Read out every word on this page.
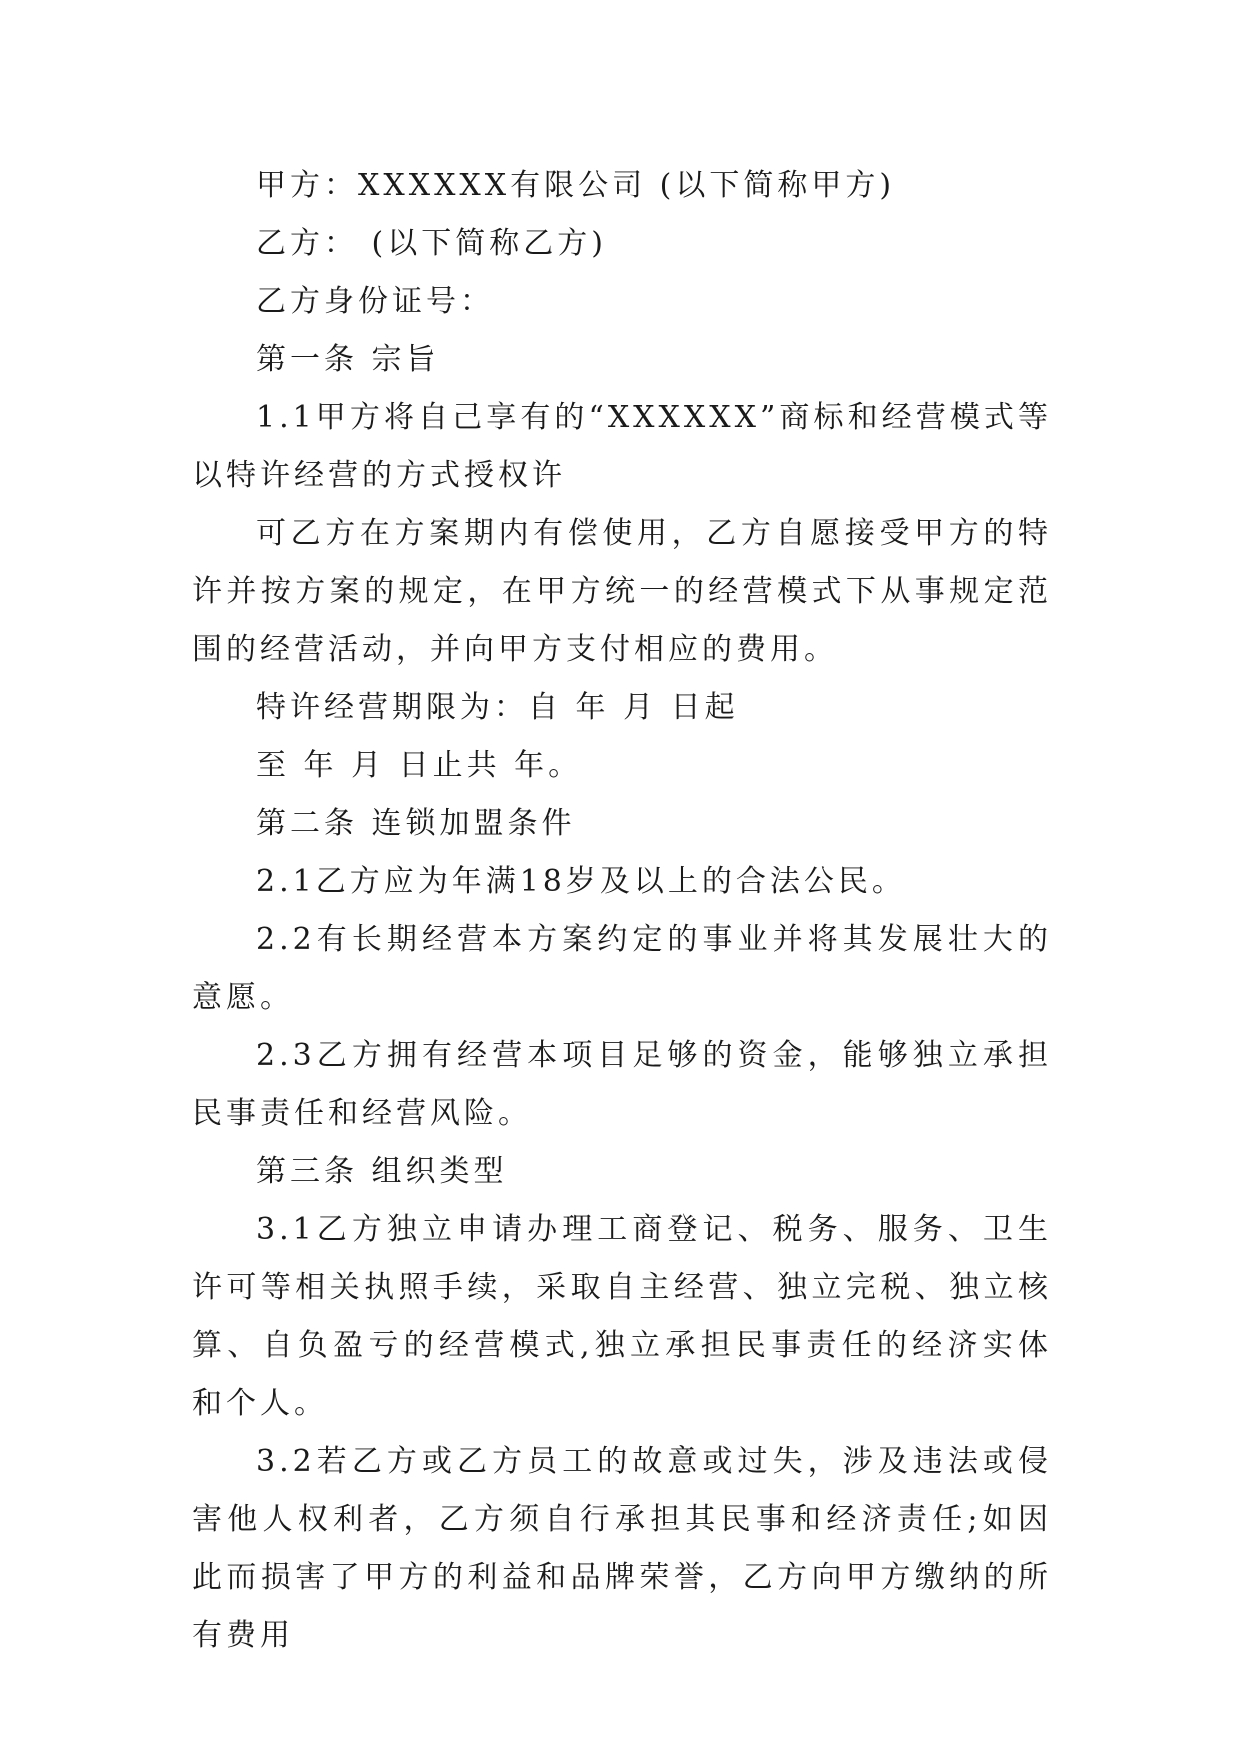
甲方：XXXXXX有限公司 (以下简称甲方)

乙方： (以下简称乙方)

乙方身份证号：

第一条 宗旨

1.1甲方将自己享有的“XXXXXX”商标和经营模式等以特许经营的方式授权许

可乙方在方案期内有偿使用，乙方自愿接受甲方的特许并按方案的规定，在甲方统一的经营模式下从事规定范围的经营活动，并向甲方支付相应的费用。

特许经营期限为：自 年 月 日起

至 年 月 日止共 年。

第二条 连锁加盟条件

2.1乙方应为年满18岁及以上的合法公民。

2.2有长期经营本方案约定的事业并将其发展壮大的意愿。

2.3乙方拥有经营本项目足够的资金，能够独立承担民事责任和经营风险。

第三条 组织类型

3.1乙方独立申请办理工商登记、税务、服务、卫生许可等相关执照手续，采取自主经营、独立完税、独立核算、自负盈亏的经营模式,独立承担民事责任的经济实体和个人。

3.2若乙方或乙方员工的故意或过失，涉及违法或侵害他人权利者，乙方须自行承担其民事和经济责任;如因此而损害了甲方的利益和品牌荣誉，乙方向甲方缴纳的所有费用
